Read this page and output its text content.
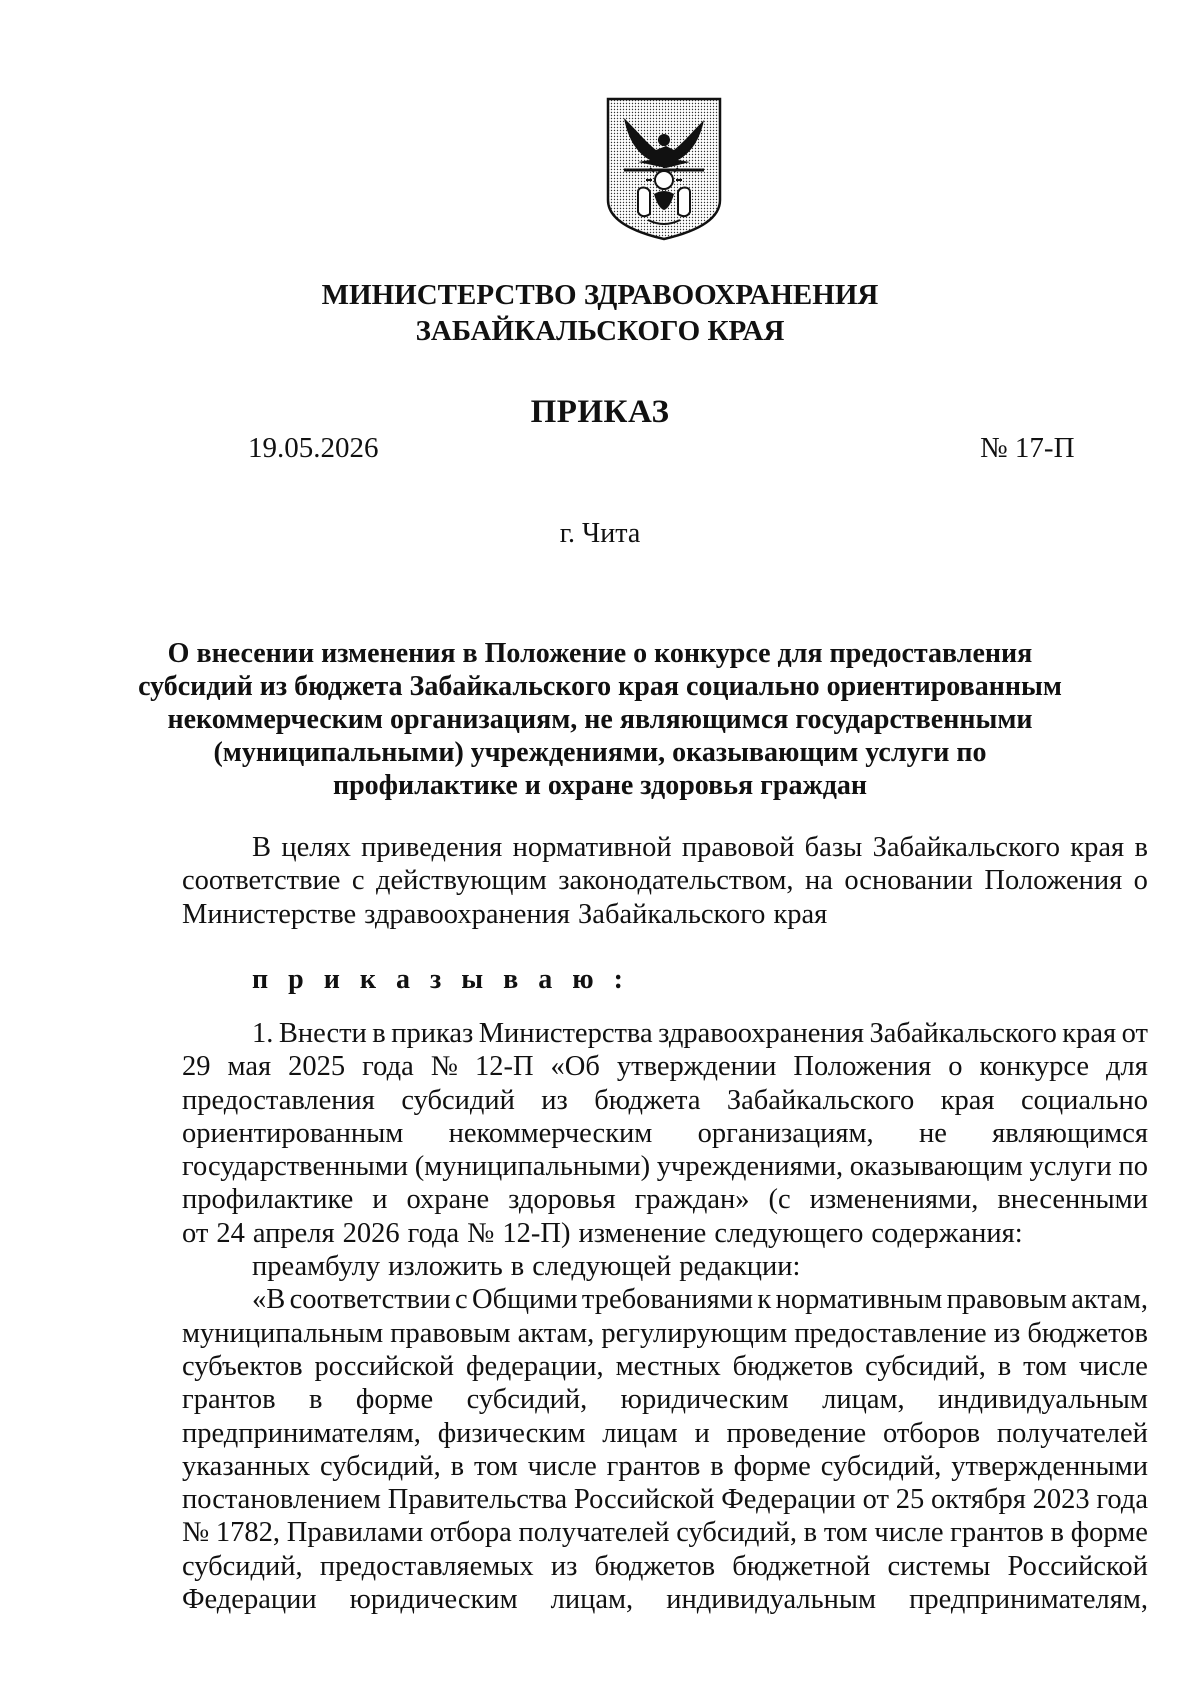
МИНИСТЕРСТВО ЗДРАВООХРАНЕНИЯ
ЗАБАЙКАЛЬСКОГО КРАЯ
ПРИКАЗ
19.05.2026	№ 17-П
г. Чита
О внесении изменения в Положение о конкурсе для предоставления
субсидий из бюджета Забайкальского края социально ориентированным
некоммерческим организациям, не являющимся государственными
(муниципальными) учреждениями, оказывающим услуги по
профилактике и охране здоровья граждан
В целях приведения нормативной правовой базы Забайкальского края в
соответствие с действующим законодательством, на основании Положения о
Министерстве здравоохранения Забайкальского края
п р и к а з ы в а ю :
1. Внести в приказ Министерства здравоохранения Забайкальского края от
29 мая 2025 года № 12-П «Об утверждении Положения о конкурсе для
предоставления субсидий из бюджета Забайкальского края социально
ориентированным некоммерческим организациям, не являющимся
государственными (муниципальными) учреждениями, оказывающим услуги по
профилактике и охране здоровья граждан» (с изменениями, внесенными
от 24 апреля 2026 года № 12-П) изменение следующего содержания:
преамбулу изложить в следующей редакции:
«В соответствии с Общими требованиями к нормативным правовым актам,
муниципальным правовым актам, регулирующим предоставление из бюджетов
субъектов российской федерации, местных бюджетов субсидий, в том числе
грантов в форме субсидий, юридическим лицам, индивидуальным
предпринимателям, физическим лицам и проведение отборов получателей
указанных субсидий, в том числе грантов в форме субсидий, утвержденными
постановлением Правительства Российской Федерации от 25 октября 2023 года
№ 1782, Правилами отбора получателей субсидий, в том числе грантов в форме
субсидий, предоставляемых из бюджетов бюджетной системы Российской
Федерации юридическим лицам, индивидуальным предпринимателям,
